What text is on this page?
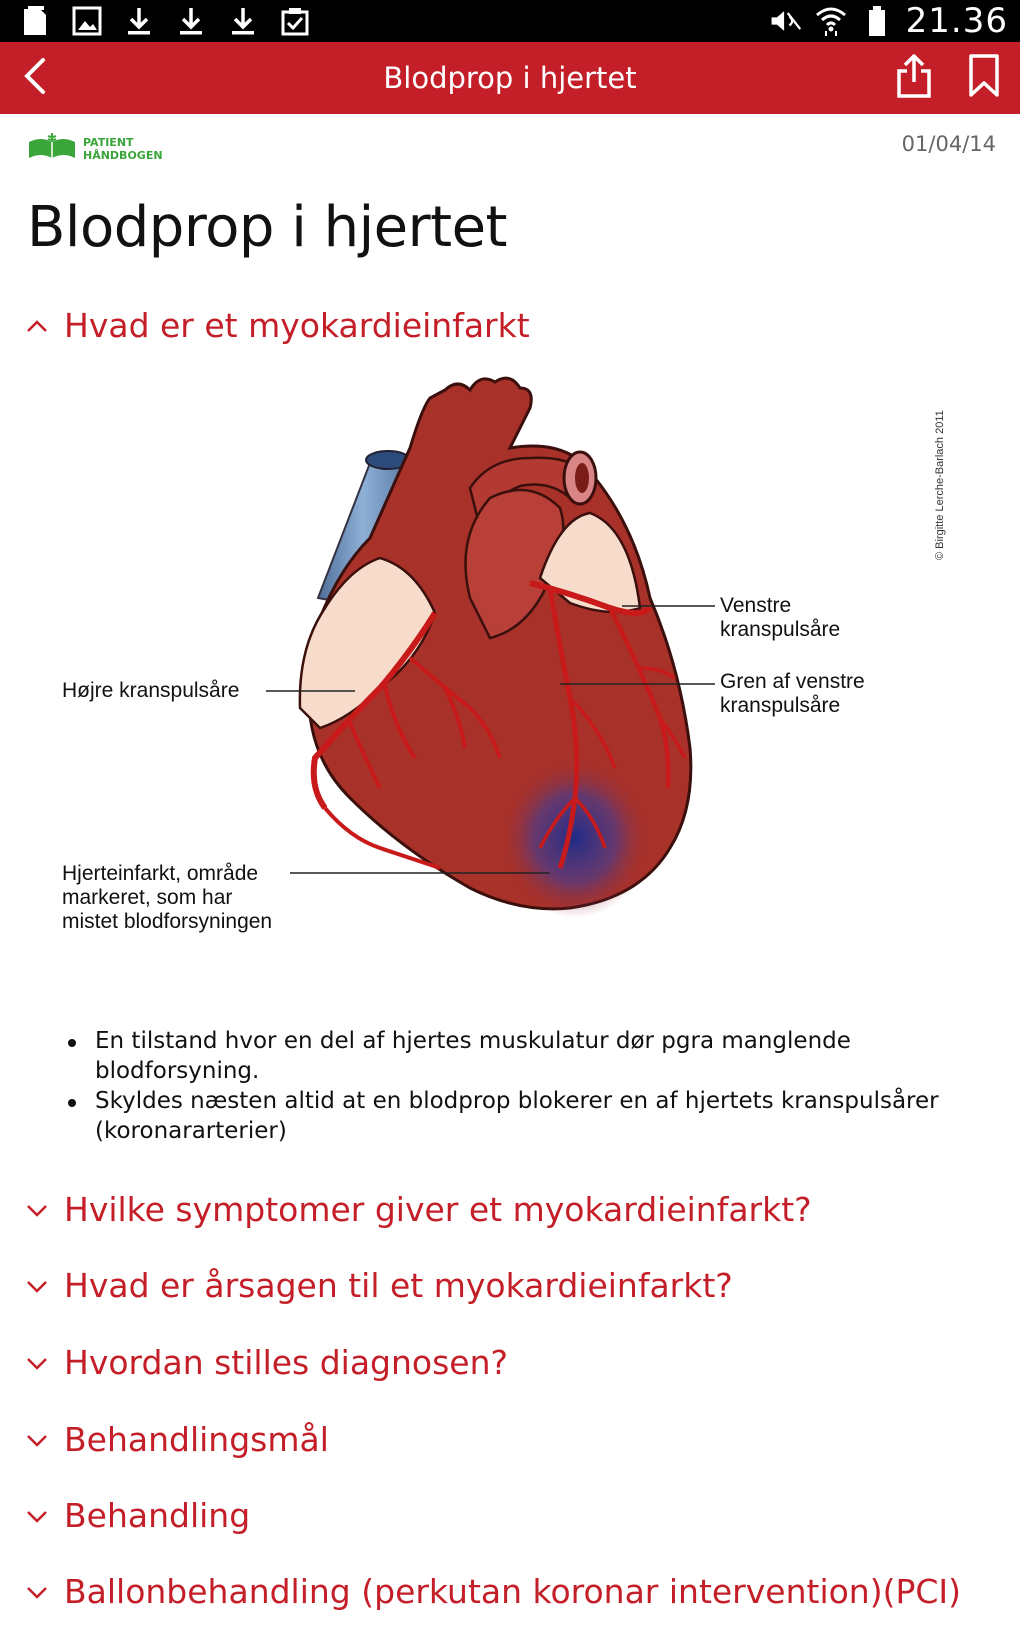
21.36
Blodprop i hjertet
PATIENT
HÅNDBOGEN	01/04/14
Blodprop i hjertet
Hvad er et myokardieinfarkt
Venstre kranspulsåre Gren af venstre kranspulsåre Højre kranspulsåre Hjerteinfarkt, område markeret, som har mistet blodforsyningen
© Birgitte Lerche-Barlach 2011
En tilstand hvor en del af hjertes muskulatur dør pgra manglende
blodforsyning.
Skyldes næsten altid at en blodprop blokerer en af hjertets kranspulsårer
(koronararterier)
Hvilke symptomer giver et myokardieinfarkt?
Hvad er årsagen til et myokardieinfarkt?
Hvordan stilles diagnosen?
Behandlingsmål
Behandling
Ballonbehandling (perkutan koronar intervention)(PCI)
